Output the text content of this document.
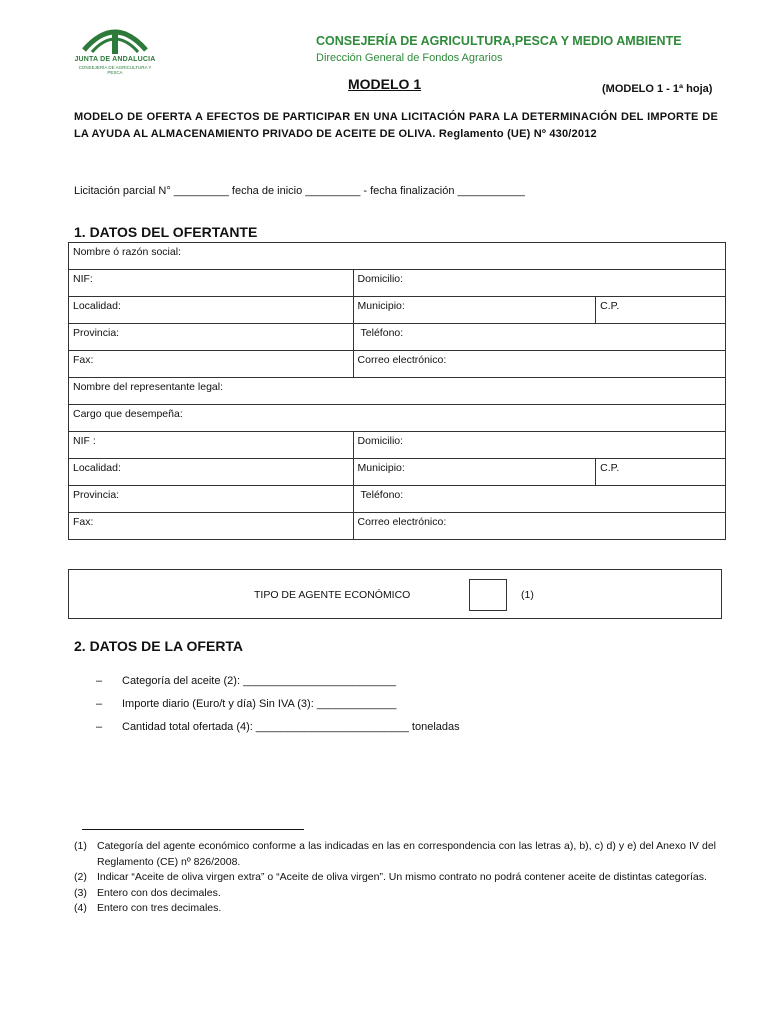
JUNTA DE ANDALUCIA
CONSEJERÍA DE AGRICULTURA Y PESCA
CONSEJERÍA DE AGRICULTURA,PESCA Y MEDIO AMBIENTE
Dirección General de Fondos Agrarios
MODELO 1	(MODELO 1 - 1ª hoja)
MODELO DE OFERTA A EFECTOS DE PARTICIPAR EN UNA LICITACIÓN PARA LA DETERMINACIÓN DEL IMPORTE DE LA AYUDA AL ALMACENAMIENTO PRIVADO DE ACEITE DE OLIVA. Reglamento (UE) Nº 430/2012
Licitación parcial N° _________ fecha de inicio _________ - fecha finalización ___________
1. DATOS DEL OFERTANTE
Nombre ó razón social:		
NIF:	Domicilio:	
Localidad:	Municipio:	C.P.
Provincia:	Teléfono:	
Fax:	Correo electrónico:	
Nombre del representante legal:		
Cargo que desempeña:		
NIF :	Domicilio:	
Localidad:	Municipio:	C.P.
Provincia:	Teléfono:	
Fax:	Correo electrónico:	
TIPO DE AGENTE ECONÓMICO	(1)
2. DATOS DE LA OFERTA
– Categoría del aceite (2): _________________________
– Importe diario (Euro/t y día) Sin IVA (3): _____________
– Cantidad total ofertada (4): _________________________ toneladas
(1) Categoría del agente económico conforme a las indicadas en las en correspondencia con las letras a), b), c) d) y e) del Anexo IV del Reglamento (CE) nº 826/2008.
(2) Indicar “Aceite de oliva virgen extra” o “Aceite de oliva virgen”. Un mismo contrato no podrá contener aceite de distintas categorías.
(3) Entero con dos decimales.
(4) Entero con tres decimales.
